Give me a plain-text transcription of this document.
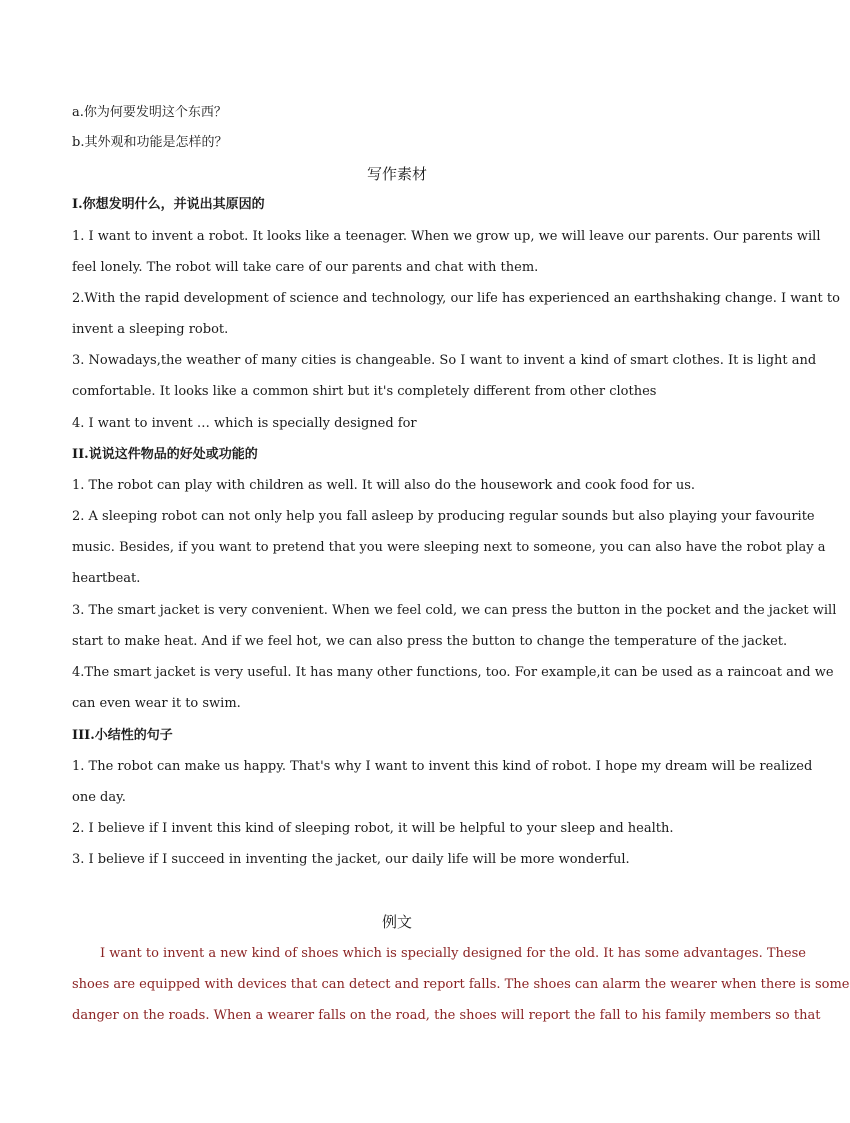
a.你为何要发明这个东西？
b.其外观和功能是怎样的？
写作素材
I.你想发明什么，并说出其原因的
1. I want to invent a robot. It looks like a teenager. When we grow up, we will leave our parents. Our parents will
feel lonely. The robot will take care of our parents and chat with them.
2.With the rapid development of science and technology, our life has experienced an earthshaking change. I want to
invent a sleeping robot.
3. Nowadays,the weather of many cities is changeable. So I want to invent a kind of smart clothes. It is light and
comfortable. It looks like a common shirt but it's completely different from other clothes
4. I want to invent … which is specially designed for
II.说说这件物品的好处或功能的
1. The robot can play with children as well. It will also do the housework and cook food for us.
2. A sleeping robot can not only help you fall asleep by producing regular sounds but also playing your favourite
music. Besides, if you want to pretend that you were sleeping next to someone, you can also have the robot play a
heartbeat.
3. The smart jacket is very convenient. When we feel cold, we can press the button in the pocket and the jacket will
start to make heat. And if we feel hot, we can also press the button to change the temperature of the jacket.
4.The smart jacket is very useful. It has many other functions, too. For example,it can be used as a raincoat and we
can even wear it to swim.
III.小结性的句子
1. The robot can make us happy. That's why I want to invent this kind of robot. I hope my dream will be realized
one day.
2. I believe if I invent this kind of sleeping robot, it will be helpful to your sleep and health.
3. I believe if I succeed in inventing the jacket, our daily life will be more wonderful.
例文
I want to invent a new kind of shoes which is specially designed for the old. It has some advantages. These
shoes are equipped with devices that can detect and report falls. The shoes can alarm the wearer when there is some
danger on the roads. When a wearer falls on the road, the shoes will report the fall to his family members so that
